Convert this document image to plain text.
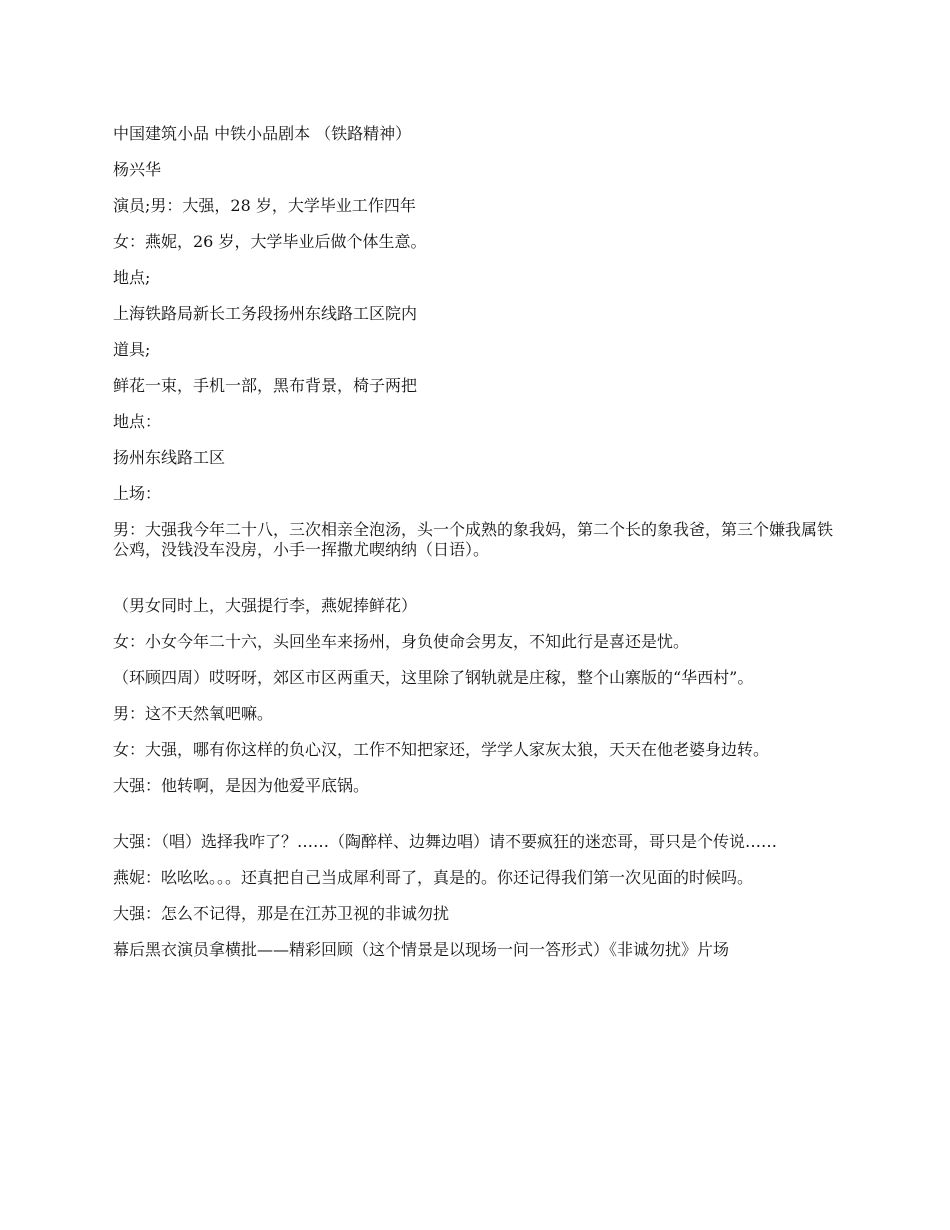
中国建筑小品 中铁小品剧本 （铁路精神）

杨兴华

演员;男：大强，28 岁，大学毕业工作四年

女：燕妮，26 岁，大学毕业后做个体生意。

地点;

上海铁路局新长工务段扬州东线路工区院内

道具;

鲜花一束，手机一部，黑布背景，椅子两把

地点：

扬州东线路工区

上场：

男：大强我今年二十八，三次相亲全泡汤，头一个成熟的象我妈，第二个长的象我爸，第三个嫌我属铁公鸡，没钱没车没房，小手一挥撒尤喫纳纳（日语）。

（男女同时上，大强提行李，燕妮捧鲜花）

女：小女今年二十六，头回坐车来扬州，身负使命会男友，不知此行是喜还是忧。

（环顾四周）哎呀呀，郊区市区两重天，这里除了钢轨就是庄稼，整个山寨版的“华西村”。

男：这不天然氧吧嘛。

女：大强，哪有你这样的负心汉，工作不知把家还，学学人家灰太狼，天天在他老婆身边转。

大强：他转啊，是因为他爱平底锅。

大强：（唱）选择我咋了？……（陶醉样、边舞边唱）请不要疯狂的迷恋哥，哥只是个传说……

燕妮：吆吆吆。。。还真把自己当成犀利哥了，真是的。你还记得我们第一次见面的时候吗。

大强：怎么不记得，那是在江苏卫视的非诚勿扰

幕后黑衣演员拿横批——精彩回顾（这个情景是以现场一问一答形式）《非诚勿扰》片场
